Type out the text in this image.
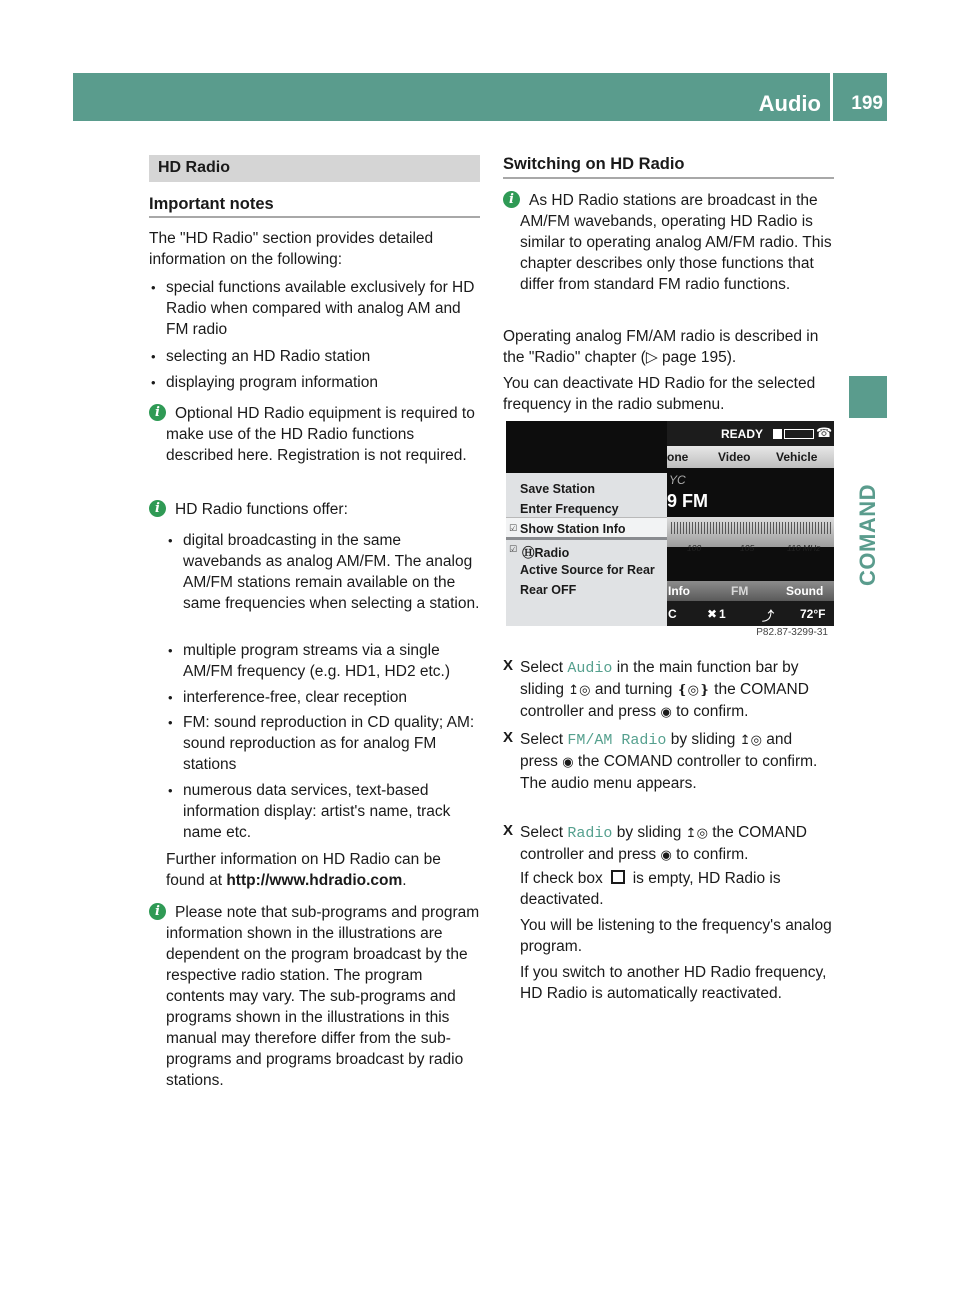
Audio 199
COMAND
HD Radio
Important notes
The "HD Radio" section provides detailed information on the following:
• special functions available exclusively for HD Radio when compared with analog AM and FM radio
• selecting an HD Radio station
• displaying program information
i Optional HD Radio equipment is required to make use of the HD Radio functions described here. Registration is not required.
i HD Radio functions offer:
• digital broadcasting in the same wavebands as analog AM/FM. The analog AM/FM stations remain available on the same frequencies when selecting a station.
• multiple program streams via a single AM/FM frequency (e.g. HD1, HD2 etc.)
• interference-free, clear reception
• FM: sound reproduction in CD quality; AM: sound reproduction as for analog FM stations
• numerous data services, text-based information display: artist's name, track name etc.
Further information on HD Radio can be found at http://www.hdradio.com.
i Please note that sub-programs and program information shown in the illustrations are dependent on the program broadcast by the respective radio station. The program contents may vary. The sub-programs and programs shown in the illustrations in this manual may therefore differ from the sub-programs and programs broadcast by radio stations.
Switching on HD Radio
i As HD Radio stations are broadcast in the AM/FM wavebands, operating HD Radio is similar to operating analog AM/FM radio. This chapter describes only those functions that differ from standard FM radio functions.
Operating analog FM/AM radio is described in the "Radio" chapter (▷ page 195).
You can deactivate HD Radio for the selected frequency in the radio submenu.
READY	☎
one Video Vehicle
YC
9 FM
100	105	110 MHz
Info	FM	Sound
C	✖ 1	⤴ 72°F
Save Station
Enter Frequency
☑ Show Station Info
☑ ⒽRadio
Active Source for Rear
Rear OFF
P82.87-3299-31
X Select Audio in the main function bar by sliding ↥◎ and turning ❴◎❵ the COMAND controller and press ◉ to confirm.
X Select FM/AM Radio by sliding ↥◎ and press ◉ the COMAND controller to confirm.
The audio menu appears.
X Select Radio by sliding ↥◎ the COMAND controller and press ◉ to confirm.
If check box is empty, HD Radio is deactivated.
You will be listening to the frequency's analog program.
If you switch to another HD Radio frequency, HD Radio is automatically reactivated.
